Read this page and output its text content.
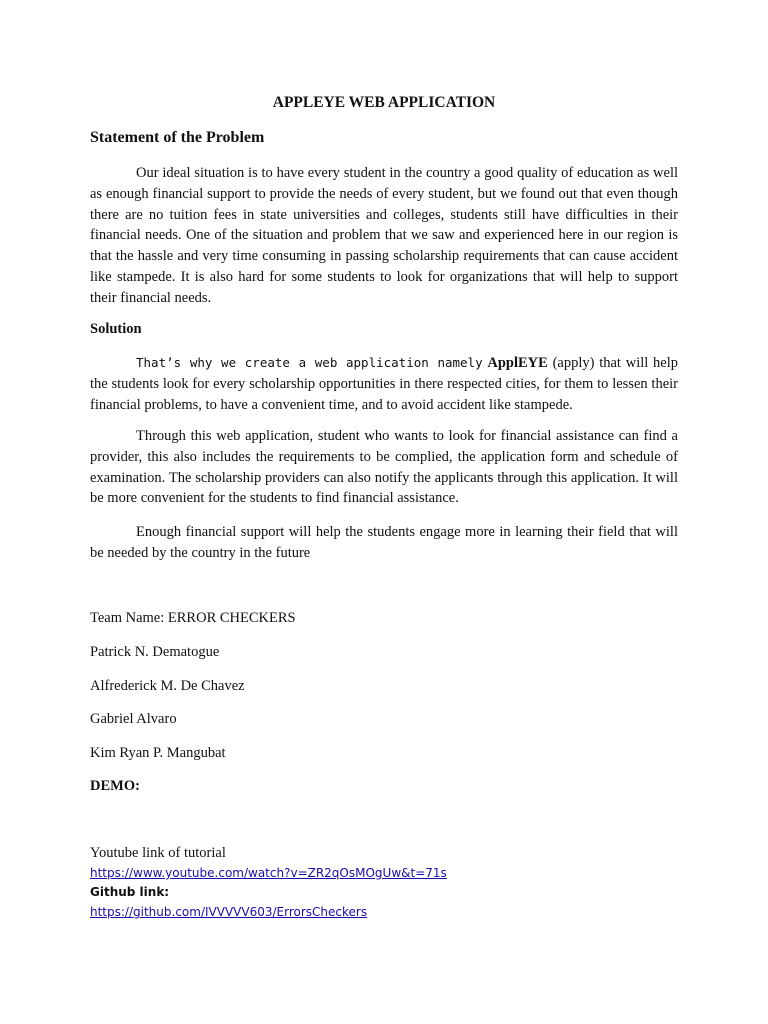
APPLEYE WEB APPLICATION
Statement of the Problem

Our ideal situation is to have every student in the country a good quality of education as well as enough financial support to provide the needs of every student, but we found out that even though there are no tuition fees in state universities and colleges, students still have difficulties in their financial needs. One of the situation and problem that we saw and experienced here in our region is that the hassle and very time consuming in passing scholarship requirements that can cause accident like stampede. It is also hard for some students to look for organizations that will help to support their financial needs.

Solution

That’s why we create a web application namely ApplEYE (apply) that will help the students look for every scholarship opportunities in there respected cities, for them to lessen their financial problems, to have a convenient time, and to avoid accident like stampede.

Through this web application, student who wants to look for financial assistance can find a provider, this also includes the requirements to be complied, the application form and schedule of examination. The scholarship providers can also notify the applicants through this application. It will be more convenient for the students to find financial assistance.

Enough financial support will help the students engage more in learning their field that will be needed by the country in the future

Team Name: ERROR CHECKERS

Patrick N. Dematogue

Alfrederick M. De Chavez

Gabriel Alvaro

Kim Ryan P. Mangubat

DEMO:

Youtube link of tutorial

https://www.youtube.com/watch?v=ZR2qOsMOgUw&t=71s

Github link:

https://github.com/IVVVVV603/ErrorsCheckers
